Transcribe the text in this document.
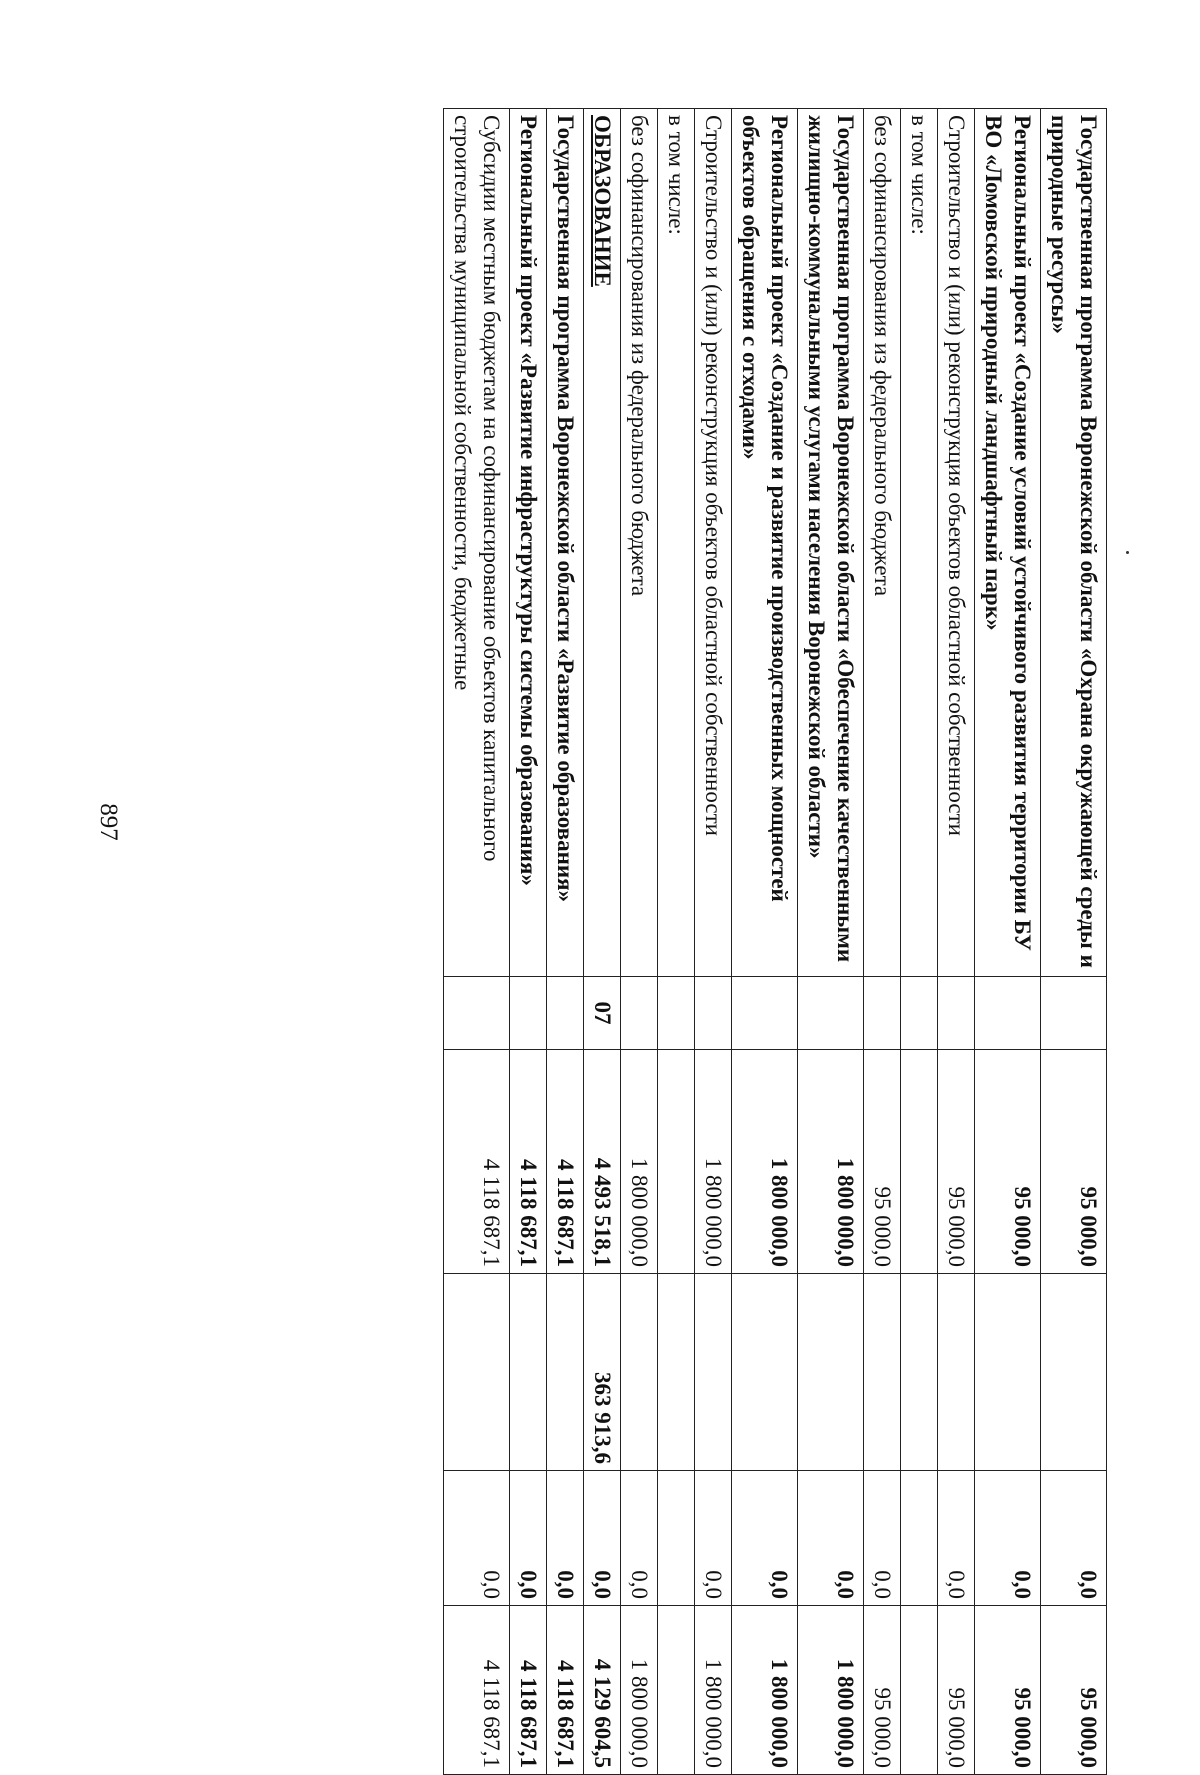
897	Государственная программа Воронежской области «Охрана окружающей среды и природные ресурсы»		95 000,0		0,0	95 000,0
Региональный проект «Создание условий устойчивого развития территории БУ ВО «Ломовской природный ландшафтный парк»		95 000,0		0,0	95 000,0
Строительство и (или) реконструкция объектов областной собственности		95 000,0		0,0	95 000,0
в том числе:					
без софинансирования из федерального бюджета		95 000,0		0,0	95 000,0
Государственная программа Воронежской области «Обеспечение качественными жилищно-коммунальными услугами населения Воронежской области»		1 800 000,0		0,0	1 800 000,0
Региональный проект «Создание и развитие производственных мощностей объектов обращения с отходами»		1 800 000,0		0,0	1 800 000,0
Строительство и (или) реконструкция объектов областной собственности		1 800 000,0		0,0	1 800 000,0
в том числе:					
без софинансирования из федерального бюджета		1 800 000,0		0,0	1 800 000,0
ОБРАЗОВАНИЕ	07	4 493 518,1	363 913,6	0,0	4 129 604,5
Государственная программа Воронежской области «Развитие образования»		4 118 687,1		0,0	4 118 687,1
Региональный проект «Развитие инфраструктуры системы образования»		4 118 687,1		0,0	4 118 687,1
Субсидии местным бюджетам на софинансирование объектов капитального строительства муниципальной собственности, бюджетные		4 118 687,1		0,0	4 118 687,1
